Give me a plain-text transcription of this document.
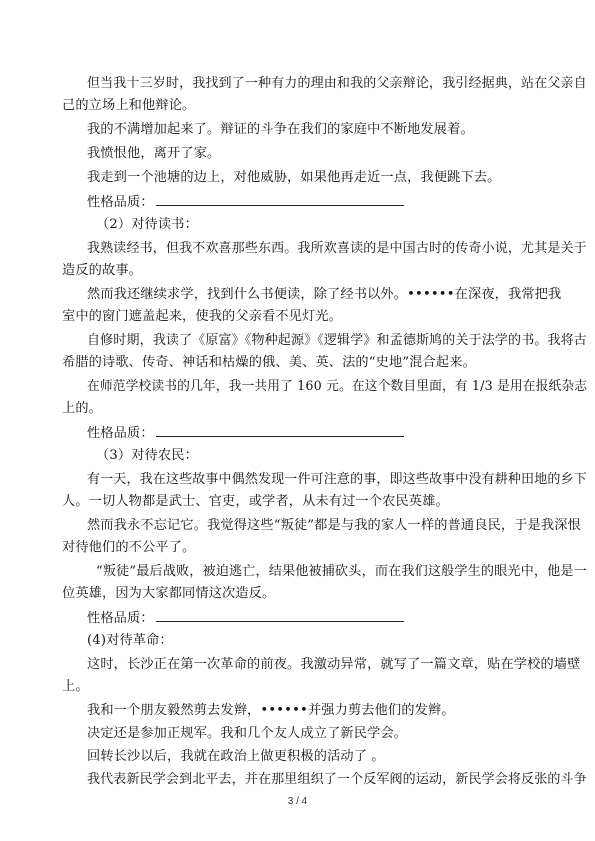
但当我十三岁时，我找到了一种有力的理由和我的父亲辩论，我引经据典，站在父亲自
己的立场上和他辩论。
我的不满增加起来了。辩证的斗争在我们的家庭中不断地发展着。
我愤恨他，离开了家。
我走到一个池塘的边上，对他威胁，如果他再走近一点，我便跳下去。
性格品质：
（2）对待读书：
我熟读经书，但我不欢喜那些东西。我所欢喜读的是中国古时的传奇小说，尤其是关于
造反的故事。
然而我还继续求学，找到什么书便读，除了经书以外。••••••在深夜，我常把我
室中的窗门遮盖起来，使我的父亲看不见灯光。
自修时期，我读了《原富》《物种起源》《逻辑学》和孟德斯鸠的关于法学的书。我将古
希腊的诗歌、传奇、神话和枯燥的俄、美、英、法的“史地”混合起来。
在师范学校读书的几年，我一共用了 160 元。在这个数目里面，有 1/3 是用在报纸杂志
上的。
性格品质：
（3）对待农民：
有一天，我在这些故事中偶然发现一件可注意的事，即这些故事中没有耕种田地的乡下
人。一切人物都是武士、官吏，或学者，从未有过一个农民英雄。
然而我永不忘记它。我觉得这些“叛徒”都是与我的家人一样的普通良民，于是我深恨
对待他们的不公平了。
“叛徒”最后战败，被迫逃亡，结果他被捕砍头，而在我们这般学生的眼光中，他是一
位英雄，因为大家都同情这次造反。
性格品质：
(4)对待革命：
这时，长沙正在第一次革命的前夜。我激动异常，就写了一篇文章，贴在学校的墙壁
上。
我和一个朋友毅然剪去发辫，••••••并强力剪去他们的发辫。
决定还是参加正规军。我和几个友人成立了新民学会。
回转长沙以后，我就在政治上做更积极的活动了 。
我代表新民学会到北平去，并在那里组织了一个反军阀的运动，新民学会将反张的斗争
3 / 4
